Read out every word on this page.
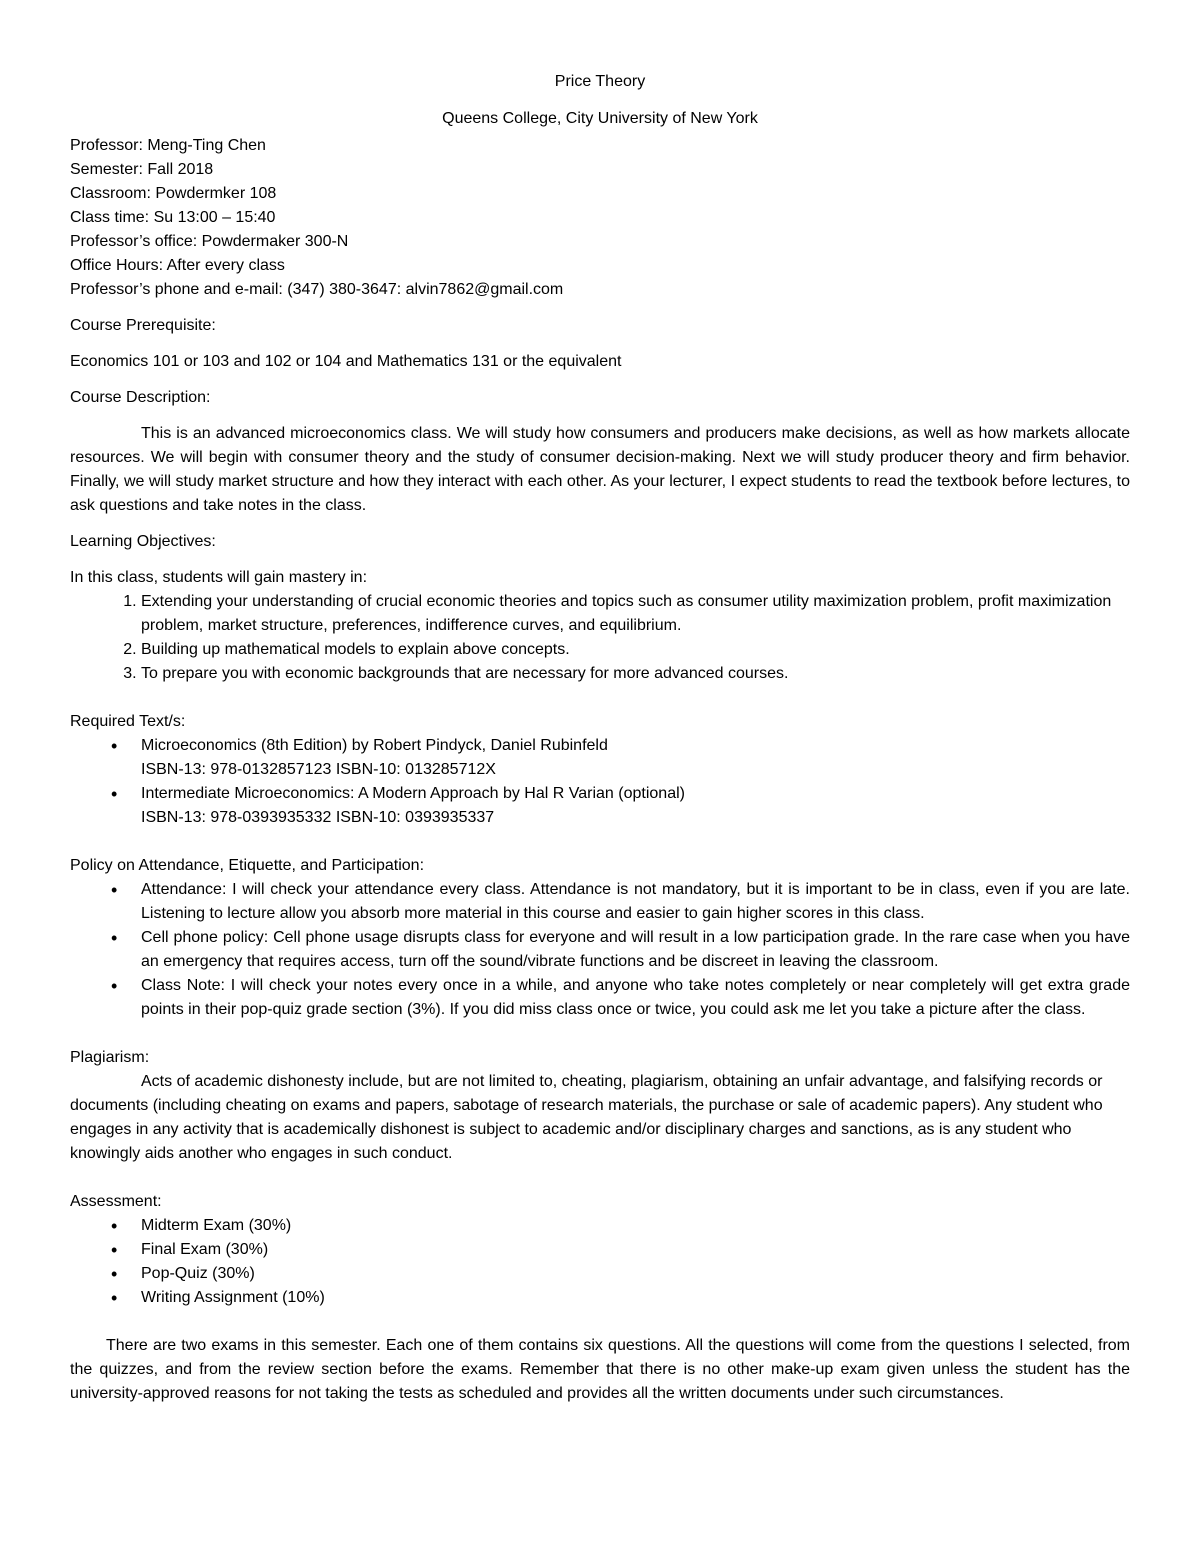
Price Theory

Queens College, City University of New York

Professor: Meng-Ting Chen

Semester: Fall 2018

Classroom: Powdermker 108

Class time: Su 13:00 – 15:40

Professor’s office: Powdermaker 300-N

Office Hours: After every class

Professor’s phone and e-mail: (347) 380-3647: alvin7862@gmail.com

Course Prerequisite:

Economics 101 or 103 and 102 or 104 and Mathematics 131 or the equivalent

Course Description:

This is an advanced microeconomics class. We will study how consumers and producers make decisions, as well as how markets allocate resources. We will begin with consumer theory and the study of consumer decision-making. Next we will study producer theory and firm behavior. Finally, we will study market structure and how they interact with each other. As your lecturer, I expect students to read the textbook before lectures, to ask questions and take notes in the class.

Learning Objectives:

In this class, students will gain mastery in:

1. Extending your understanding of crucial economic theories and topics such as consumer utility maximization problem, profit maximization problem, market structure, preferences, indifference curves, and equilibrium.
2. Building up mathematical models to explain above concepts.
3. To prepare you with economic backgrounds that are necessary for more advanced courses.

Required Text/s:

• Microeconomics (8th Edition) by Robert Pindyck, Daniel Rubinfeld
ISBN-13: 978-0132857123 ISBN-10: 013285712X
• Intermediate Microeconomics: A Modern Approach by Hal R Varian (optional)
ISBN-13: 978-0393935332 ISBN-10: 0393935337

Policy on Attendance, Etiquette, and Participation:

• Attendance: I will check your attendance every class. Attendance is not mandatory, but it is important to be in class, even if you are late. Listening to lecture allow you absorb more material in this course and easier to gain higher scores in this class.
• Cell phone policy: Cell phone usage disrupts class for everyone and will result in a low participation grade. In the rare case when you have an emergency that requires access, turn off the sound/vibrate functions and be discreet in leaving the classroom.
• Class Note: I will check your notes every once in a while, and anyone who take notes completely or near completely will get extra grade points in their pop-quiz grade section (3%). If you did miss class once or twice, you could ask me let you take a picture after the class.

Plagiarism:

Acts of academic dishonesty include, but are not limited to, cheating, plagiarism, obtaining an unfair advantage, and falsifying records or documents (including cheating on exams and papers, sabotage of research materials, the purchase or sale of academic papers). Any student who engages in any activity that is academically dishonest is subject to academic and/or disciplinary charges and sanctions, as is any student who knowingly aids another who engages in such conduct.

Assessment:

• Midterm Exam (30%)
• Final Exam (30%)
• Pop-Quiz (30%)
• Writing Assignment (10%)

There are two exams in this semester. Each one of them contains six questions. All the questions will come from the questions I selected, from the quizzes, and from the review section before the exams. Remember that there is no other make-up exam given unless the student has the university-approved reasons for not taking the tests as scheduled and provides all the written documents under such circumstances.
